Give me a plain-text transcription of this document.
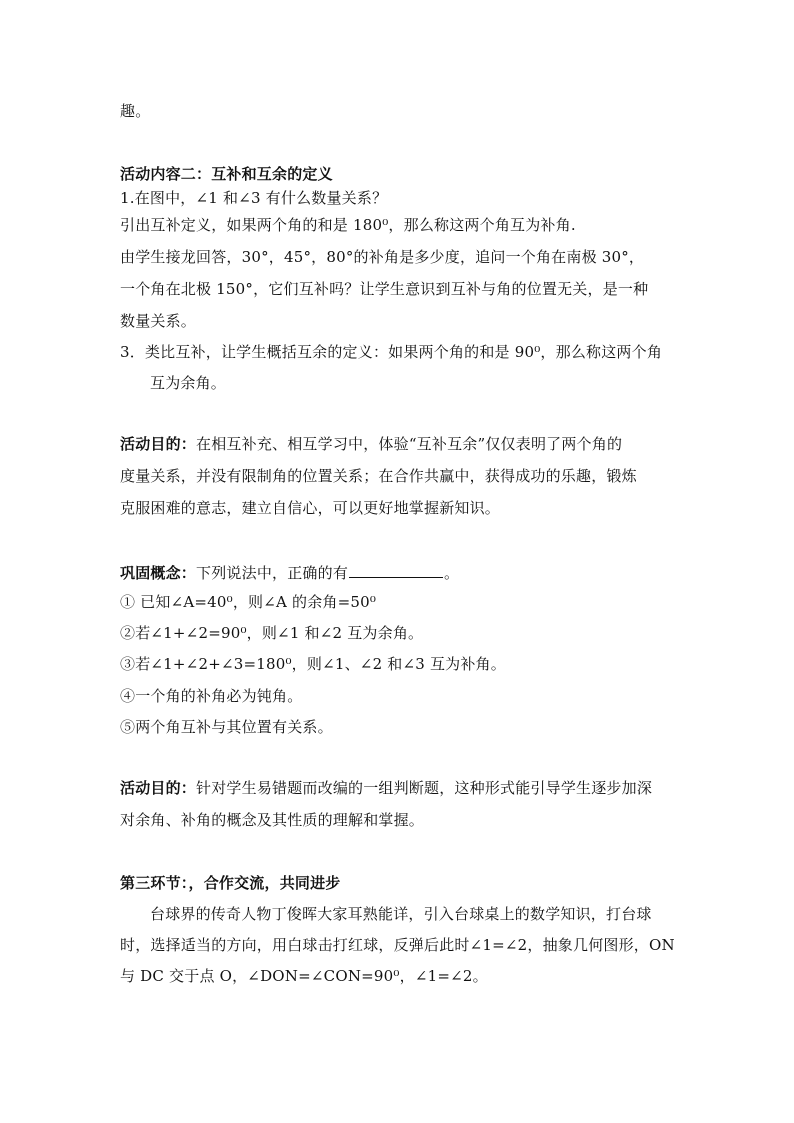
趣。
活动内容二：互补和互余的定义
1.在图中，∠1 和∠3 有什么数量关系？
引出互补定义，如果两个角的和是 180⁰，那么称这两个角互为补角.
由学生接龙回答，30°，45°，80°的补角是多少度，追问一个角在南极 30°，
一个角在北极 150°，它们互补吗？让学生意识到互补与角的位置无关，是一种
数量关系。
3．类比互补，让学生概括互余的定义：如果两个角的和是 90⁰，那么称这两个角
互为余角。
活动目的：在相互补充、相互学习中，体验“互补互余”仅仅表明了两个角的
度量关系，并没有限制角的位置关系；在合作共赢中，获得成功的乐趣，锻炼
克服困难的意志，建立自信心，可以更好地掌握新知识。
巩固概念：下列说法中，正确的有	。
① 已知∠A=40⁰，则∠A 的余角=50⁰
②若∠1+∠2=90⁰，则∠1 和∠2 互为余角。
③若∠1+∠2+∠3=180⁰，则∠1、∠2 和∠3 互为补角。
④一个角的补角必为钝角。
⑤两个角互补与其位置有关系。
活动目的：针对学生易错题而改编的一组判断题，这种形式能引导学生逐步加深
对余角、补角的概念及其性质的理解和掌握。
第三环节：，合作交流，共同进步
台球界的传奇人物丁俊晖大家耳熟能详，引入台球桌上的数学知识，打台球
时，选择适当的方向，用白球击打红球，反弹后此时∠1=∠2，抽象几何图形，ON
与 DC 交于点 O，∠DON=∠CON=90⁰，∠1=∠2。
